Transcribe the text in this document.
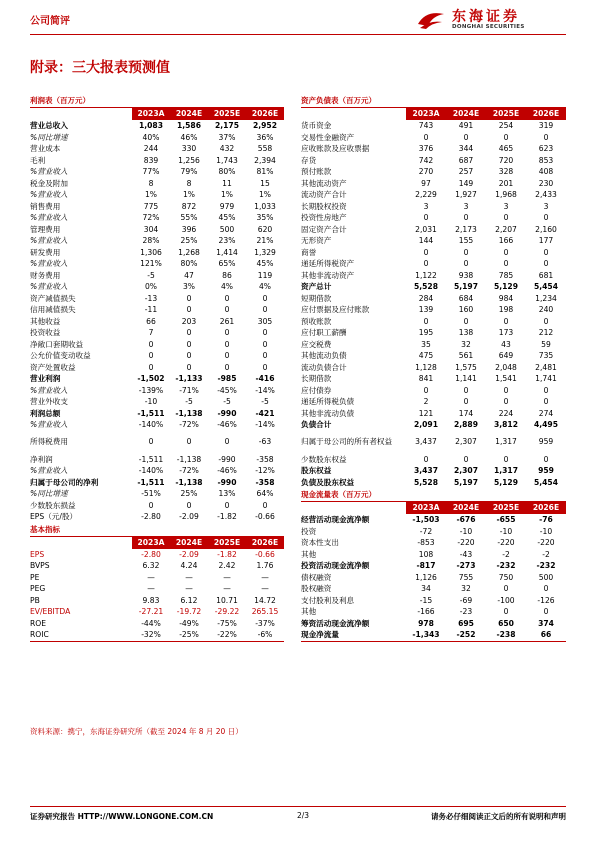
公司简评	东海证券
DONGHAI SECURITIES
附录：三大报表预测值
利润表（百万元）
2023A	2024E	2025E	2026E
营业总收入	1,083	1,586	2,175	2,952
%同比增速	40%	46%	37%	36%
营业成本	244	330	432	558
毛利	839	1,256	1,743	2,394
%营业收入	77%	79%	80%	81%
税金及附加	8	8	11	15
%营业收入	1%	1%	1%	1%
销售费用	775	872	979	1,033
%营业收入	72%	55%	45%	35%
管理费用	304	396	500	620
%营业收入	28%	25%	23%	21%
研发费用	1,306	1,268	1,414	1,329
%营业收入	121%	80%	65%	45%
财务费用	-5	47	86	119
%营业收入	0%	3%	4%	4%
资产减值损失	-13	0	0	0
信用减值损失	-11	0	0	0
其他收益	66	203	261	305
投资收益	7	0	0	0
净敞口套期收益	0	0	0	0
公允价值变动收益	0	0	0	0
资产处置收益	0	0	0	0
营业利润	-1,502	-1,133	-985	-416
%营业收入	-139%	-71%	-45%	-14%
营业外收支	-10	-5	-5	-5
利润总额	-1,511	-1,138	-990	-421
%营业收入	-140%	-72%	-46%	-14%
所得税费用	0	0	0	-63
净利润	-1,511	-1,138	-990	-358
%营业收入	-140%	-72%	-46%	-12%
归属于母公司的净利	-1,511	-1,138	-990	-358
%同比增速	-51%	25%	13%	64%
少数股东损益	0	0	0	0
EPS（元/股）	-2.80	-2.09	-1.82	-0.66
基本指标
2023A	2024E	2025E	2026E
EPS	-2.80	-2.09	-1.82	-0.66
BVPS	6.32	4.24	2.42	1.76
PE	—	—	—	—
PEG	—	—	—	—
PB	9.83	6.12	10.71	14.72
EV/EBITDA	-27.21	-19.72	-29.22	265.15
ROE	-44%	-49%	-75%	-37%
ROIC	-32%	-25%	-22%	-6%
资产负债表（百万元）
2023A	2024E	2025E	2026E
货币资金	743	491	254	319
交易性金融资产	0	0	0	0
应收账款及应收票据	376	344	465	623
存货	742	687	720	853
预付账款	270	257	328	408
其他流动资产	97	149	201	230
流动资产合计	2,229	1,927	1,968	2,433
长期股权投资	3	3	3	3
投资性房地产	0	0	0	0
固定资产合计	2,031	2,173	2,207	2,160
无形资产	144	155	166	177
商誉	0	0	0	0
递延所得税资产	0	0	0	0
其他非流动资产	1,122	938	785	681
资产总计	5,528	5,197	5,129	5,454
短期借款	284	684	984	1,234
应付票据及应付账款	139	160	198	240
预收账款	0	0	0	0
应付职工薪酬	195	138	173	212
应交税费	35	32	43	59
其他流动负债	475	561	649	735
流动负债合计	1,128	1,575	2,048	2,481
长期借款	841	1,141	1,541	1,741
应付债券	0	0	0	0
递延所得税负债	2	0	0	0
其他非流动负债	121	174	224	274
负债合计	2,091	2,889	3,812	4,495
归属于母公司的所有者权益	3,437	2,307	1,317	959
少数股东权益	0	0	0	0
股东权益	3,437	2,307	1,317	959
负债及股东权益	5,528	5,197	5,129	5,454
现金流量表（百万元）
2023A	2024E	2025E	2026E
经营活动现金流净额	-1,503	-676	-655	-76
投资	-72	-10	-10	-10
资本性支出	-853	-220	-220	-220
其他	108	-43	-2	-2
投资活动现金流净额	-817	-273	-232	-232
债权融资	1,126	755	750	500
股权融资	34	32	0	0
支付股利及利息	-15	-69	-100	-126
其他	-166	-23	0	0
筹资活动现金流净额	978	695	650	374
现金净流量	-1,343	-252	-238	66
资料来源：携宁，东海证券研究所（截至 2024 年 8 月 20 日）
证券研究报告 HTTP://WWW.LONGONE.COM.CN	2/3	请务必仔细阅读正文后的所有说明和声明
